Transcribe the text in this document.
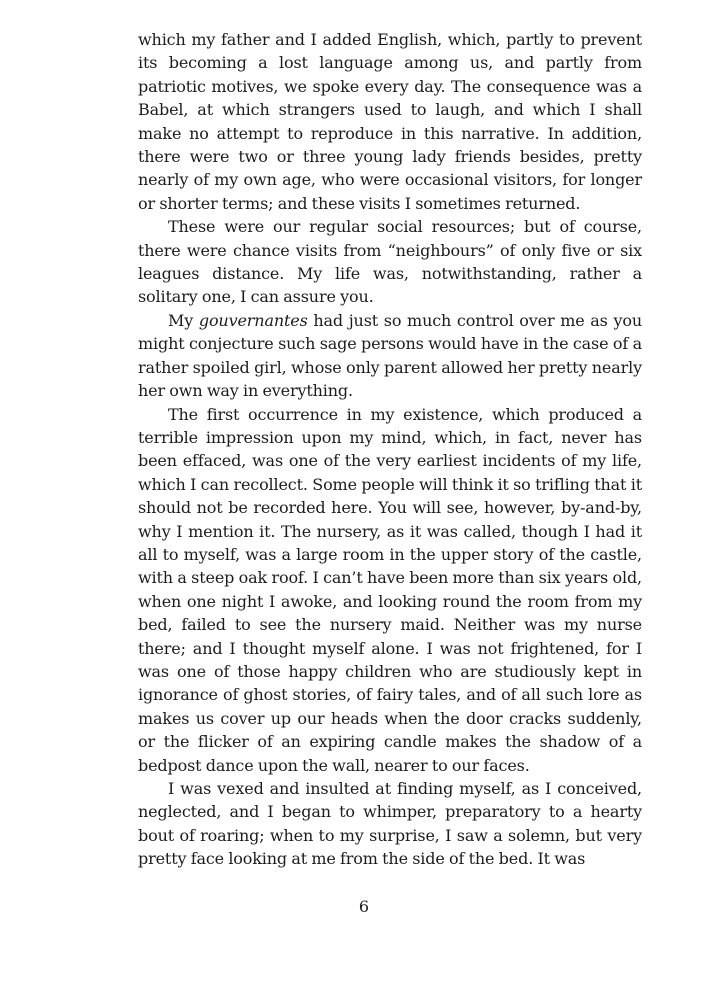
which my father and I added English, which, partly to prevent its becoming a lost language among us, and partly from patriotic motives, we spoke every day. The consequence was a Babel, at which strangers used to laugh, and which I shall make no attempt to reproduce in this narrative. In addition, there were two or three young lady friends besides, pretty nearly of my own age, who were occasional visitors, for longer or shorter terms; and these visits I sometimes returned.

These were our regular social resources; but of course, there were chance visits from “neighbours” of only five or six leagues distance. My life was, notwithstanding, rather a solitary one, I can assure you.

My gouvernantes had just so much control over me as you might conjecture such sage persons would have in the case of a rather spoiled girl, whose only parent allowed her pretty nearly her own way in everything.

The first occurrence in my existence, which produced a terrible impression upon my mind, which, in fact, never has been effaced, was one of the very earliest incidents of my life, which I can recollect. Some people will think it so trifling that it should not be recorded here. You will see, however, by-and-by, why I mention it. The nursery, as it was called, though I had it all to myself, was a large room in the upper story of the castle, with a steep oak roof. I can’t have been more than six years old, when one night I awoke, and looking round the room from my bed, failed to see the nursery maid. Neither was my nurse there; and I thought myself alone. I was not frightened, for I was one of those happy children who are studiously kept in ignorance of ghost stories, of fairy tales, and of all such lore as makes us cover up our heads when the door cracks suddenly, or the flicker of an expiring candle makes the shadow of a bedpost dance upon the wall, nearer to our faces.

I was vexed and insulted at finding myself, as I conceived, neglected, and I began to whimper, preparatory to a hearty bout of roaring; when to my surprise, I saw a solemn, but very pretty face looking at me from the side of the bed. It was

6
